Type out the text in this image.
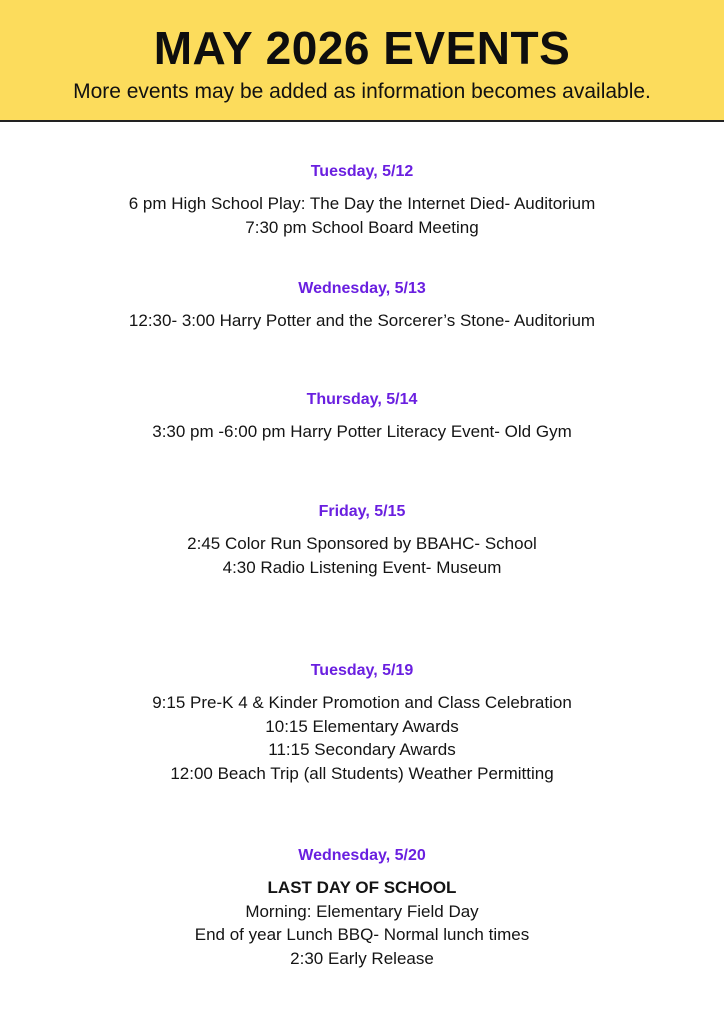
MAY 2026 EVENTS
More events may be added as information becomes available.
Tuesday, 5/12
6 pm High School Play: The Day the Internet Died- Auditorium
7:30 pm School Board Meeting
Wednesday, 5/13
12:30- 3:00 Harry Potter and the Sorcerer’s Stone- Auditorium
Thursday, 5/14
3:30 pm -6:00 pm Harry Potter Literacy Event- Old Gym
Friday, 5/15
2:45 Color Run Sponsored by BBAHC- School
4:30 Radio Listening Event- Museum
Tuesday, 5/19
9:15 Pre-K 4 & Kinder Promotion and Class Celebration
10:15 Elementary Awards
11:15 Secondary Awards
12:00 Beach Trip (all Students) Weather Permitting
Wednesday, 5/20
LAST DAY OF SCHOOL
Morning: Elementary Field Day
End of year Lunch BBQ- Normal lunch times
2:30 Early Release
